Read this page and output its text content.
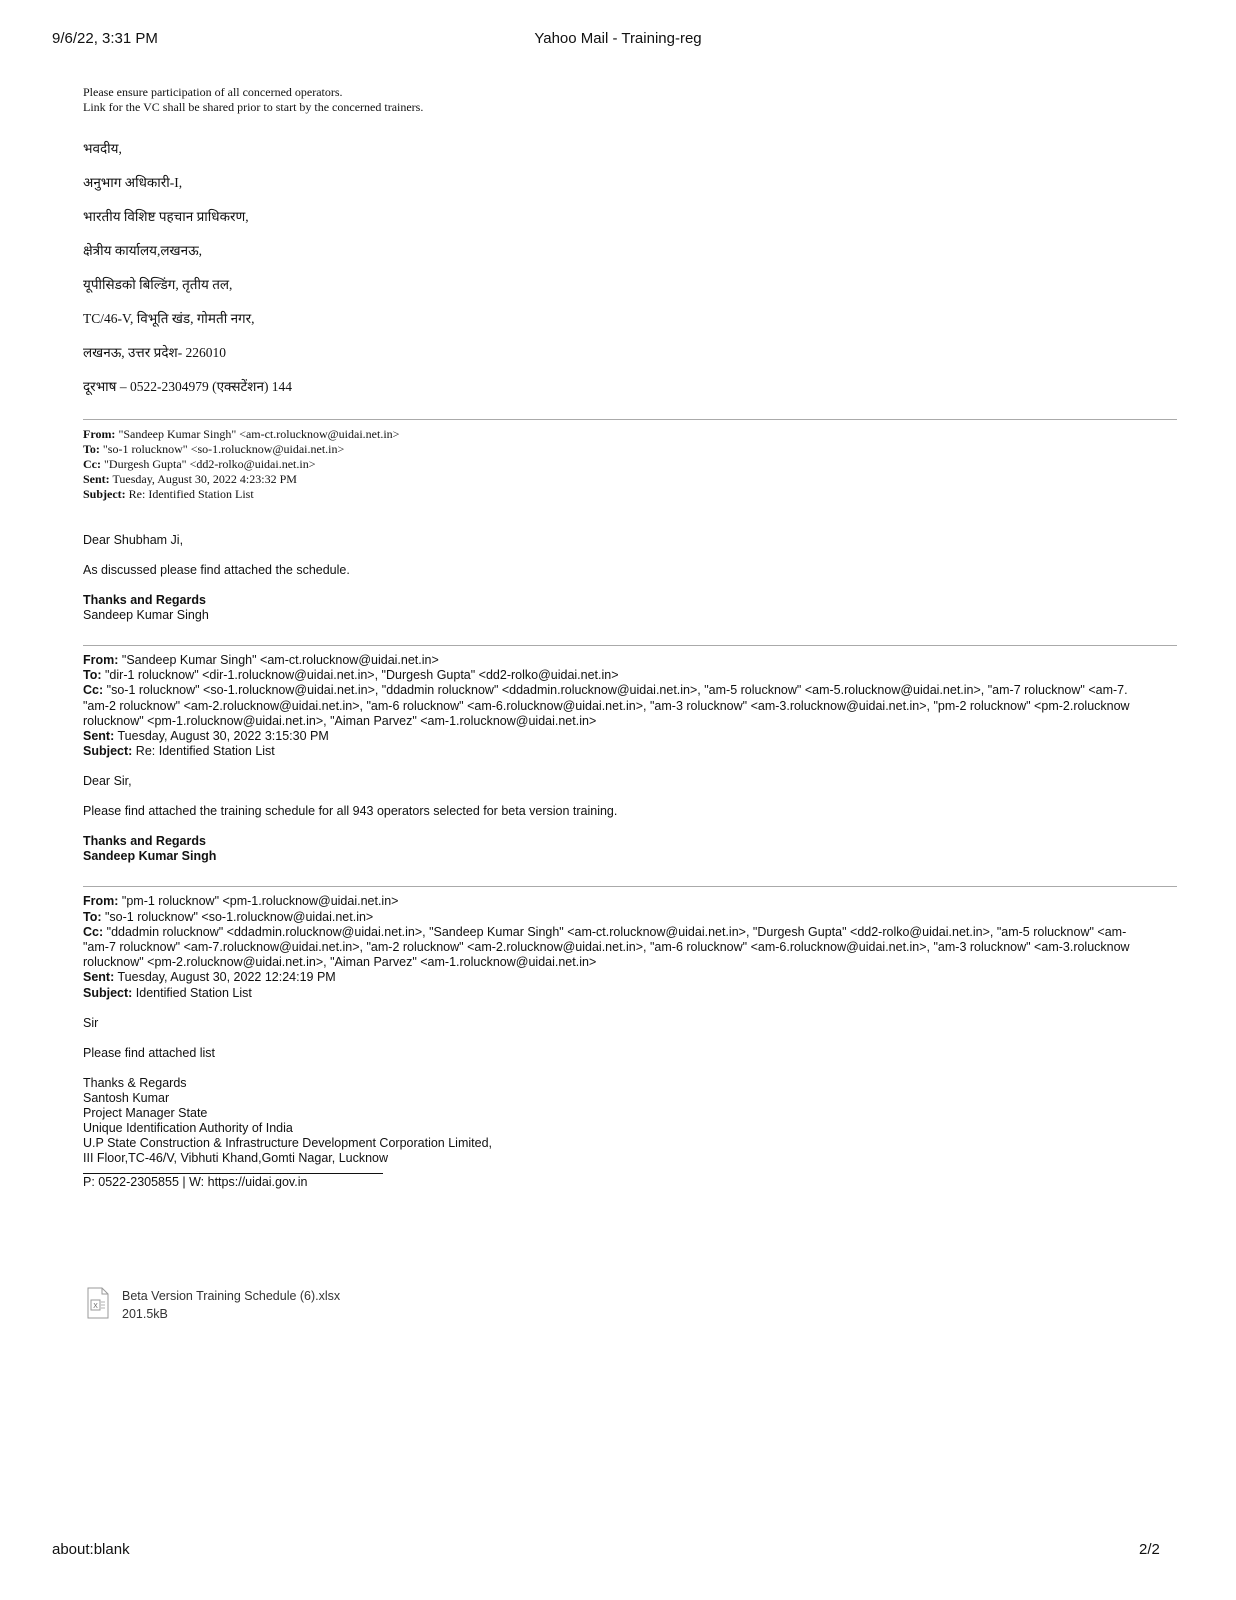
9/6/22, 3:31 PM	Yahoo Mail - Training-reg
Please ensure participation of all concerned operators.
Link for the VC shall be shared prior to start by the concerned trainers.
भवदीय,
अनुभाग अधिकारी-I,
भारतीय विशिष्ट पहचान प्राधिकरण,
क्षेत्रीय कार्यालय,लखनऊ,
यूपीसिडको बिल्डिंग, तृतीय तल,
TC/46-V, विभूति खंड, गोमती नगर,
लखनऊ, उत्तर प्रदेश- 226010
दूरभाष – 0522-2304979 (एक्सटेंशन) 144
From: "Sandeep Kumar Singh" <am-ct.rolucknow@uidai.net.in>
To: "so-1 rolucknow" <so-1.rolucknow@uidai.net.in>
Cc: "Durgesh Gupta" <dd2-rolko@uidai.net.in>
Sent: Tuesday, August 30, 2022 4:23:32 PM
Subject: Re: Identified Station List
Dear Shubham Ji,
As discussed please find attached the schedule.
Thanks and Regards
Sandeep Kumar Singh
From: "Sandeep Kumar Singh" <am-ct.rolucknow@uidai.net.in>
To: "dir-1 rolucknow" <dir-1.rolucknow@uidai.net.in>, "Durgesh Gupta" <dd2-rolko@uidai.net.in>
Cc: "so-1 rolucknow" <so-1.rolucknow@uidai.net.in>, "ddadmin rolucknow" <ddadmin.rolucknow@uidai.net.in>, "am-5 rolucknow" <am-5.rolucknow@uidai.net.in>, "am-7 rolucknow" <am-7.
"am-2 rolucknow" <am-2.rolucknow@uidai.net.in>, "am-6 rolucknow" <am-6.rolucknow@uidai.net.in>, "am-3 rolucknow" <am-3.rolucknow@uidai.net.in>, "pm-2 rolucknow" <pm-2.rolucknow
rolucknow" <pm-1.rolucknow@uidai.net.in>, "Aiman Parvez" <am-1.rolucknow@uidai.net.in>
Sent: Tuesday, August 30, 2022 3:15:30 PM
Subject: Re: Identified Station List
Dear Sir,
Please find attached the training schedule for all 943 operators selected for beta version training.
Thanks and Regards
Sandeep Kumar Singh
From: "pm-1 rolucknow" <pm-1.rolucknow@uidai.net.in>
To: "so-1 rolucknow" <so-1.rolucknow@uidai.net.in>
Cc: "ddadmin rolucknow" <ddadmin.rolucknow@uidai.net.in>, "Sandeep Kumar Singh" <am-ct.rolucknow@uidai.net.in>, "Durgesh Gupta" <dd2-rolko@uidai.net.in>, "am-5 rolucknow" <am-
"am-7 rolucknow" <am-7.rolucknow@uidai.net.in>, "am-2 rolucknow" <am-2.rolucknow@uidai.net.in>, "am-6 rolucknow" <am-6.rolucknow@uidai.net.in>, "am-3 rolucknow" <am-3.rolucknow
rolucknow" <pm-2.rolucknow@uidai.net.in>, "Aiman Parvez" <am-1.rolucknow@uidai.net.in>
Sent: Tuesday, August 30, 2022 12:24:19 PM
Subject: Identified Station List
Sir
Please find attached list
Thanks & Regards
Santosh Kumar
Project Manager State
Unique Identification Authority of India
U.P State Construction & Infrastructure Development Corporation Limited,
III Floor,TC-46/V, Vibhuti Khand,Gomti Nagar, Lucknow
P: 0522-2305855 | W: https://uidai.gov.in
X
Beta Version Training Schedule (6).xlsx
201.5kB
about:blank	2/2
